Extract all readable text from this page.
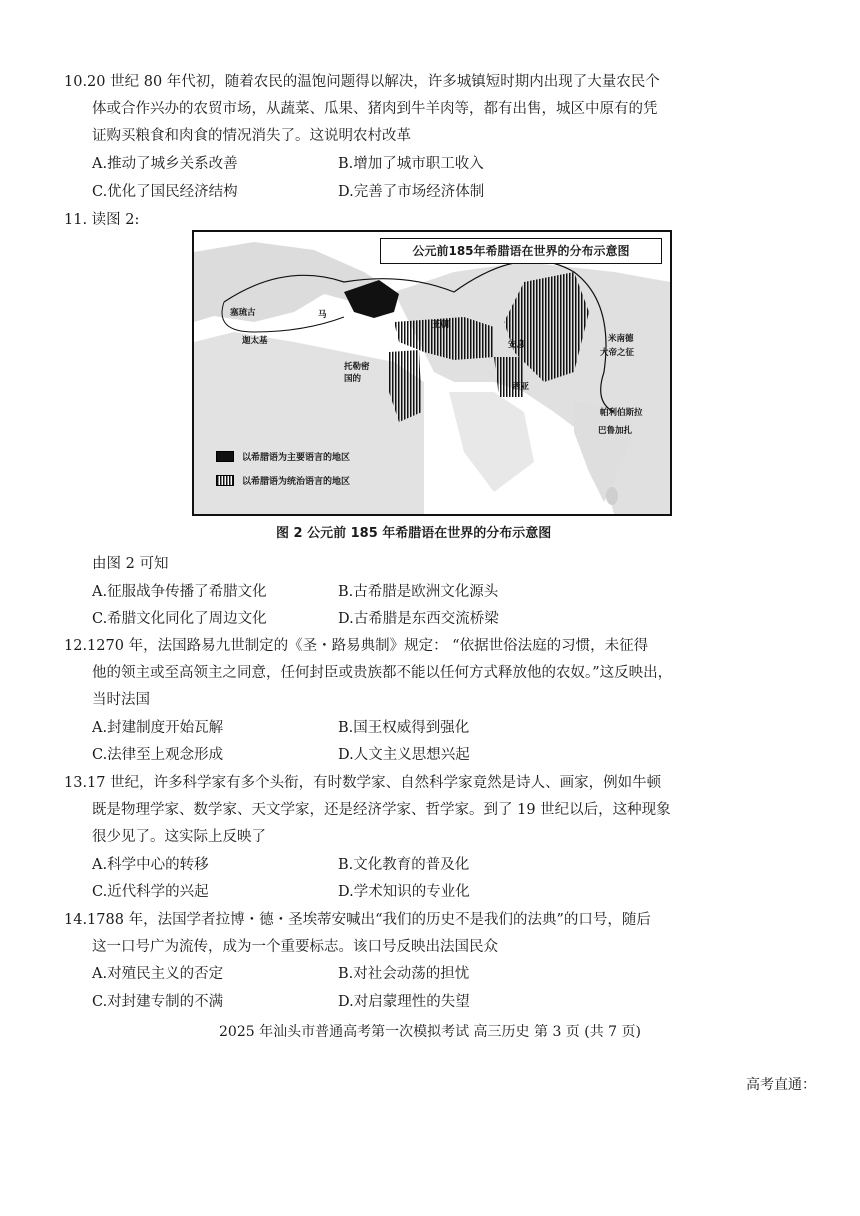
10.20 世纪 80 年代初，随着农民的温饱问题得以解决，许多城镇短时期内出现了大量农民个
体或合作兴办的农贸市场，从蔬菜、瓜果、猪肉到牛羊肉等，都有出售，城区中原有的凭
证购买粮食和肉食的情况消失了。这说明农村改革
A.推动了城乡关系改善	B.增加了城市职工收入
C.优化了国民经济结构	D.完善了市场经济体制
11. 读图 2:
公元前185年希腊语在世界的分布示意图
塞琉古	马
迦太基
王朝
托勒密
国的
安息
西亚
米南德
大帝之征
帕利伯斯拉
巴鲁加扎
以希腊语为主要语言的地区
以希腊语为统治语言的地区
图 2 公元前 185 年希腊语在世界的分布示意图
由图 2 可知
A.征服战争传播了希腊文化	B.古希腊是欧洲文化源头
C.希腊文化同化了周边文化	D.古希腊是东西交流桥梁
12.1270 年，法国路易九世制定的《圣・路易典制》规定： “依据世俗法庭的习惯，未征得
他的领主或至高领主之同意，任何封臣或贵族都不能以任何方式释放他的农奴。”这反映出，
当时法国
A.封建制度开始瓦解	B.国王权威得到强化
C.法律至上观念形成	D.人文主义思想兴起
13.17 世纪，许多科学家有多个头衔，有时数学家、自然科学家竟然是诗人、画家，例如牛顿
既是物理学家、数学家、天文学家，还是经济学家、哲学家。到了 19 世纪以后，这种现象
很少见了。这实际上反映了
A.科学中心的转移	B.文化教育的普及化
C.近代科学的兴起	D.学术知识的专业化
14.1788 年，法国学者拉博・德・圣埃蒂安喊出“我们的历史不是我们的法典”的口号，随后
这一口号广为流传，成为一个重要标志。该口号反映出法国民众
A.对殖民主义的否定	B.对社会动荡的担忧
C.对封建专制的不满	D.对启蒙理性的失望
2025 年汕头市普通高考第一次模拟考试 高三历史 第 3 页 (共 7 页)
高考直通：
